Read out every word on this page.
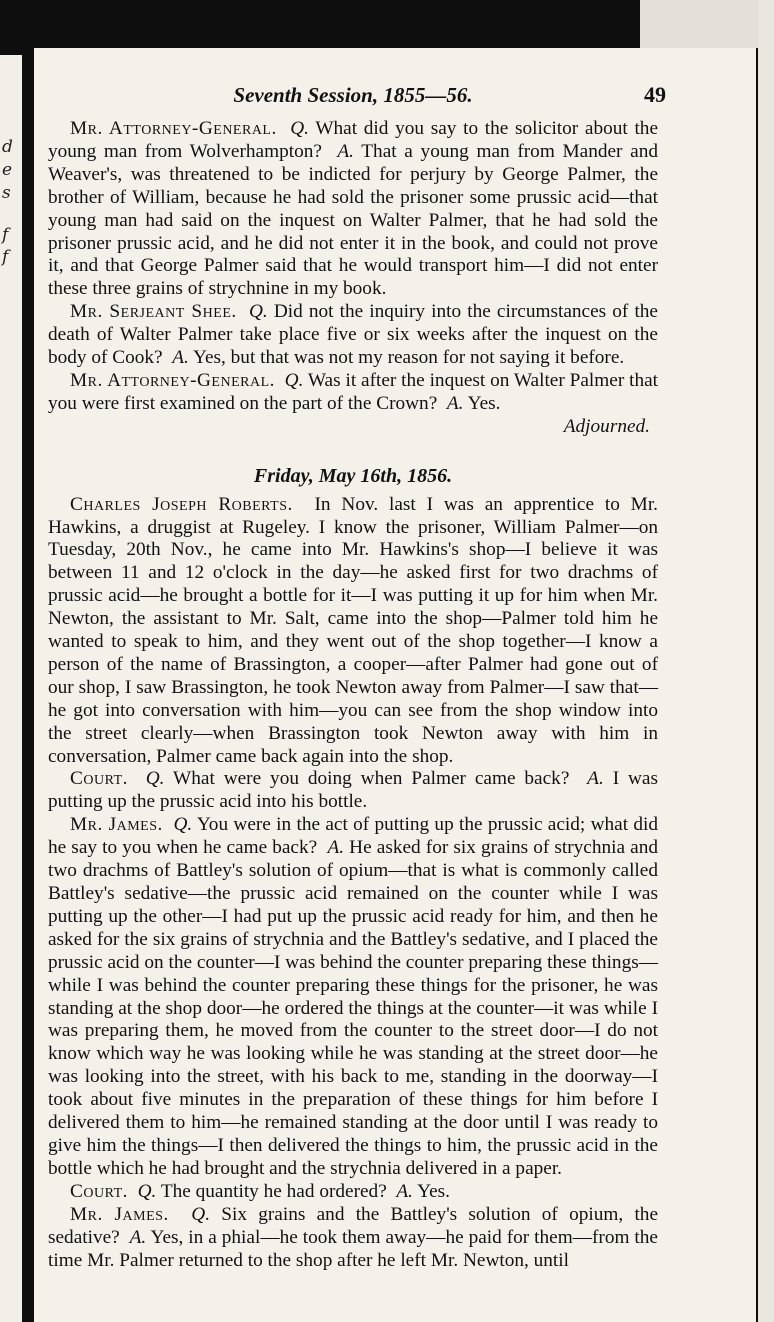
d
e
s
f
f
Seventh Session, 1855—56.	49

Mr. Attorney-General. Q. What did you say to the solicitor about the young man from Wolverhampton? A. That a young man from Mander and Weaver's, was threatened to be indicted for perjury by George Palmer, the brother of William, because he had sold the prisoner some prussic acid—that young man had said on the inquest on Walter Palmer, that he had sold the prisoner prussic acid, and he did not enter it in the book, and could not prove it, and that George Palmer said that he would transport him—I did not enter these three grains of strychnine in my book.

Mr. Serjeant Shee. Q. Did not the inquiry into the circumstances of the death of Walter Palmer take place five or six weeks after the inquest on the body of Cook? A. Yes, but that was not my reason for not saying it before.

Mr. Attorney-General. Q. Was it after the inquest on Walter Palmer that you were first examined on the part of the Crown? A. Yes.

Adjourned.

Friday, May 16th, 1856.

Charles Joseph Roberts. In Nov. last I was an apprentice to Mr. Hawkins, a druggist at Rugeley. I know the prisoner, William Palmer—on Tuesday, 20th Nov., he came into Mr. Hawkins's shop—I believe it was between 11 and 12 o'clock in the day—he asked first for two drachms of prussic acid—he brought a bottle for it—I was putting it up for him when Mr. Newton, the assistant to Mr. Salt, came into the shop—Palmer told him he wanted to speak to him, and they went out of the shop together—I know a person of the name of Brassington, a cooper—after Palmer had gone out of our shop, I saw Brassington, he took Newton away from Palmer—I saw that—he got into conversation with him—you can see from the shop window into the street clearly—when Brassington took Newton away with him in conversation, Palmer came back again into the shop.

Court. Q. What were you doing when Palmer came back? A. I was putting up the prussic acid into his bottle.

Mr. James. Q. You were in the act of putting up the prussic acid; what did he say to you when he came back? A. He asked for six grains of strychnia and two drachms of Battley's solution of opium—that is what is commonly called Battley's sedative—the prussic acid remained on the counter while I was putting up the other—I had put up the prussic acid ready for him, and then he asked for the six grains of strychnia and the Battley's sedative, and I placed the prussic acid on the counter—I was behind the counter preparing these things—while I was behind the counter preparing these things for the prisoner, he was standing at the shop door—he ordered the things at the counter—it was while I was preparing them, he moved from the counter to the street door—I do not know which way he was looking while he was standing at the street door—he was looking into the street, with his back to me, standing in the doorway—I took about five minutes in the preparation of these things for him before I delivered them to him—he remained standing at the door until I was ready to give him the things—I then delivered the things to him, the prussic acid in the bottle which he had brought and the strychnia delivered in a paper.

Court. Q. The quantity he had ordered? A. Yes.

Mr. James. Q. Six grains and the Battley's solution of opium, the sedative? A. Yes, in a phial—he took them away—he paid for them—from the time Mr. Palmer returned to the shop after he left Mr. Newton, until
